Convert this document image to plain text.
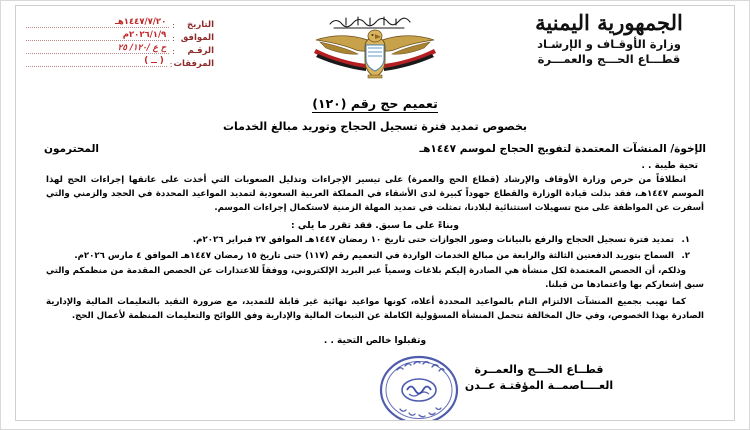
التاريخ
:
١٤٤٧/٧/٢٠هـ
الموافق
:
٢٠٢٦/١/٩م
الرقـم
:
ح ع /١٢٠/ ٢٥
المرفقات
:
( ــ )
الجمهورية اليمنية
وزارة الأوقـاف و الإرشـاد
قطـــاع الحـــج والعمـــرة
تعميم حج رقم (١٢٠)
بخصوص تمديد فترة تسجيل الحجاج وتوريد مبالغ الخدمات
الإخوة/ المنشآت المعتمدة لتفويج الحجاج لموسم ١٤٤٧هـ
المحترمون
تحية طيبة . .
انطلاقاً من حرص وزارة الأوقاف والإرشاد (قطاع الحج والعمرة) على تيسير الإجراءات وتذليل الصعوبات التي أخذت على عاتقها إجراءات الحج لهذا الموسم ١٤٤٧هـ، فقد بذلت قيادة الوزارة والقطاع جهوداً كبيرة لدى الأشقاء في المملكة العربية السعودية لتمديد المواعيد المحددة في الحجد والزمني والتي أسفرت عن المواظفة على منح تسهيلات استثنائية لبلادنا، تمثلت في تمديد المهلة الزمنية لاستكمال إجراءات الموسم.
وبناءً على ما سبق. فقد تقرر ما يلي :
١.
تمديد فترة تسجيل الحجاج والرفع بالبيانات وصور الجوازات حتى تاريخ ١٠ رمضان ١٤٤٧هـ الموافق ٢٧ فبراير ٢٠٢٦م.
٢.
السماح بتوريد الدفعتين الثالثة والرابعة من مبالغ الخدمات الواردة في التعميم رقم (١١٧) حتى تاريخ ١٥ رمضان ١٤٤٧هـ الموافق ٤ مارس ٢٠٢٦م.
وذلكم، أن الحصص المعتمدة لكل منشأة هي الصادرة إليكم بلاغات وسمياً عبر البريد الإلكتروني، ووفقاً للاعتذارات عن الحصص المقدمة من منظمكم والتي سبق إشعاركم بها واعتمادها من قبلنا.
كما نهيب بجميع المنشآت الالتزام التام بالمواعيد المحددة أعلاه، كونها مواعيد نهائية غير قابلة للتمديد، مع ضرورة التقيد بالتعليمات المالية والإدارية الصادرة بهذا الخصوص، وفي حال المخالفة تتحمل المنشأة المسؤولية الكاملة عن التبعات المالية والإدارية وفق اللوائح والتعليمات المنظمة لأعمال الحج.
وتقبلوا خالص التحية . .
قطــاع الحـــج والعمــرة
العــــاصمــة المؤقتـة عــدن
